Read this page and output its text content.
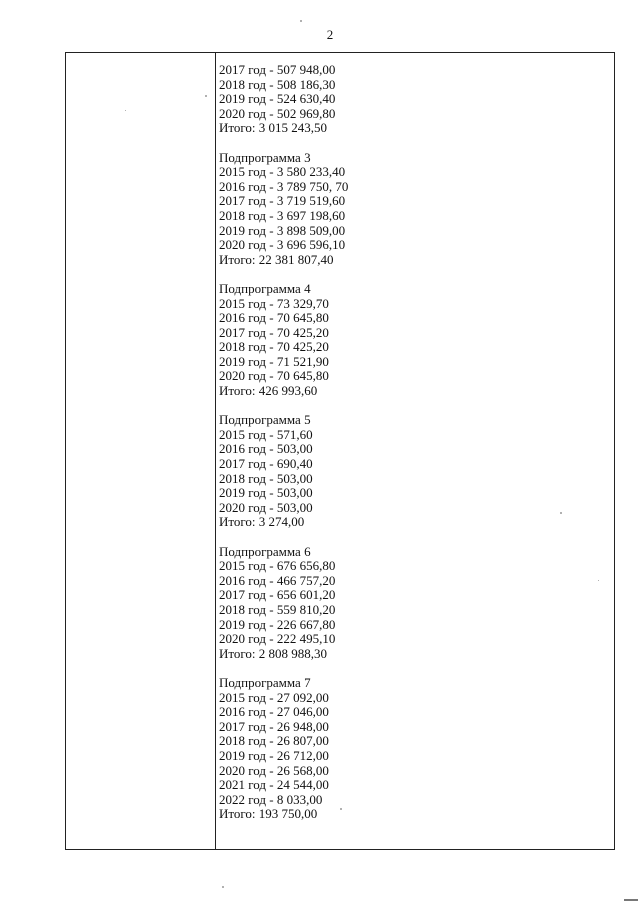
2
2017 год - 507 948,00
2018 год - 508 186,30
2019 год - 524 630,40
2020 год - 502 969,80
Итого: 3 015 243,50
Подпрограмма 3
2015 год - 3 580 233,40
2016 год - 3 789 750, 70
2017 год - 3 719 519,60
2018 год - 3 697 198,60
2019 год - 3 898 509,00
2020 год - 3 696 596,10
Итого: 22 381 807,40
Подпрограмма 4
2015 год - 73 329,70
2016 год - 70 645,80
2017 год - 70 425,20
2018 год - 70 425,20
2019 год - 71 521,90
2020 год - 70 645,80
Итого: 426 993,60
Подпрограмма 5
2015 год - 571,60
2016 год - 503,00
2017 год - 690,40
2018 год - 503,00
2019 год - 503,00
2020 год - 503,00
Итого: 3 274,00
Подпрограмма 6
2015 год - 676 656,80
2016 год - 466 757,20
2017 год - 656 601,20
2018 год - 559 810,20
2019 год - 226 667,80
2020 год - 222 495,10
Итого: 2 808 988,30
Подпрограмма 7
2015 год - 27 092,00
2016 год - 27 046,00
2017 год - 26 948,00
2018 год - 26 807,00
2019 год - 26 712,00
2020 год - 26 568,00
2021 год - 24 544,00
2022 год - 8 033,00
Итого: 193 750,00
